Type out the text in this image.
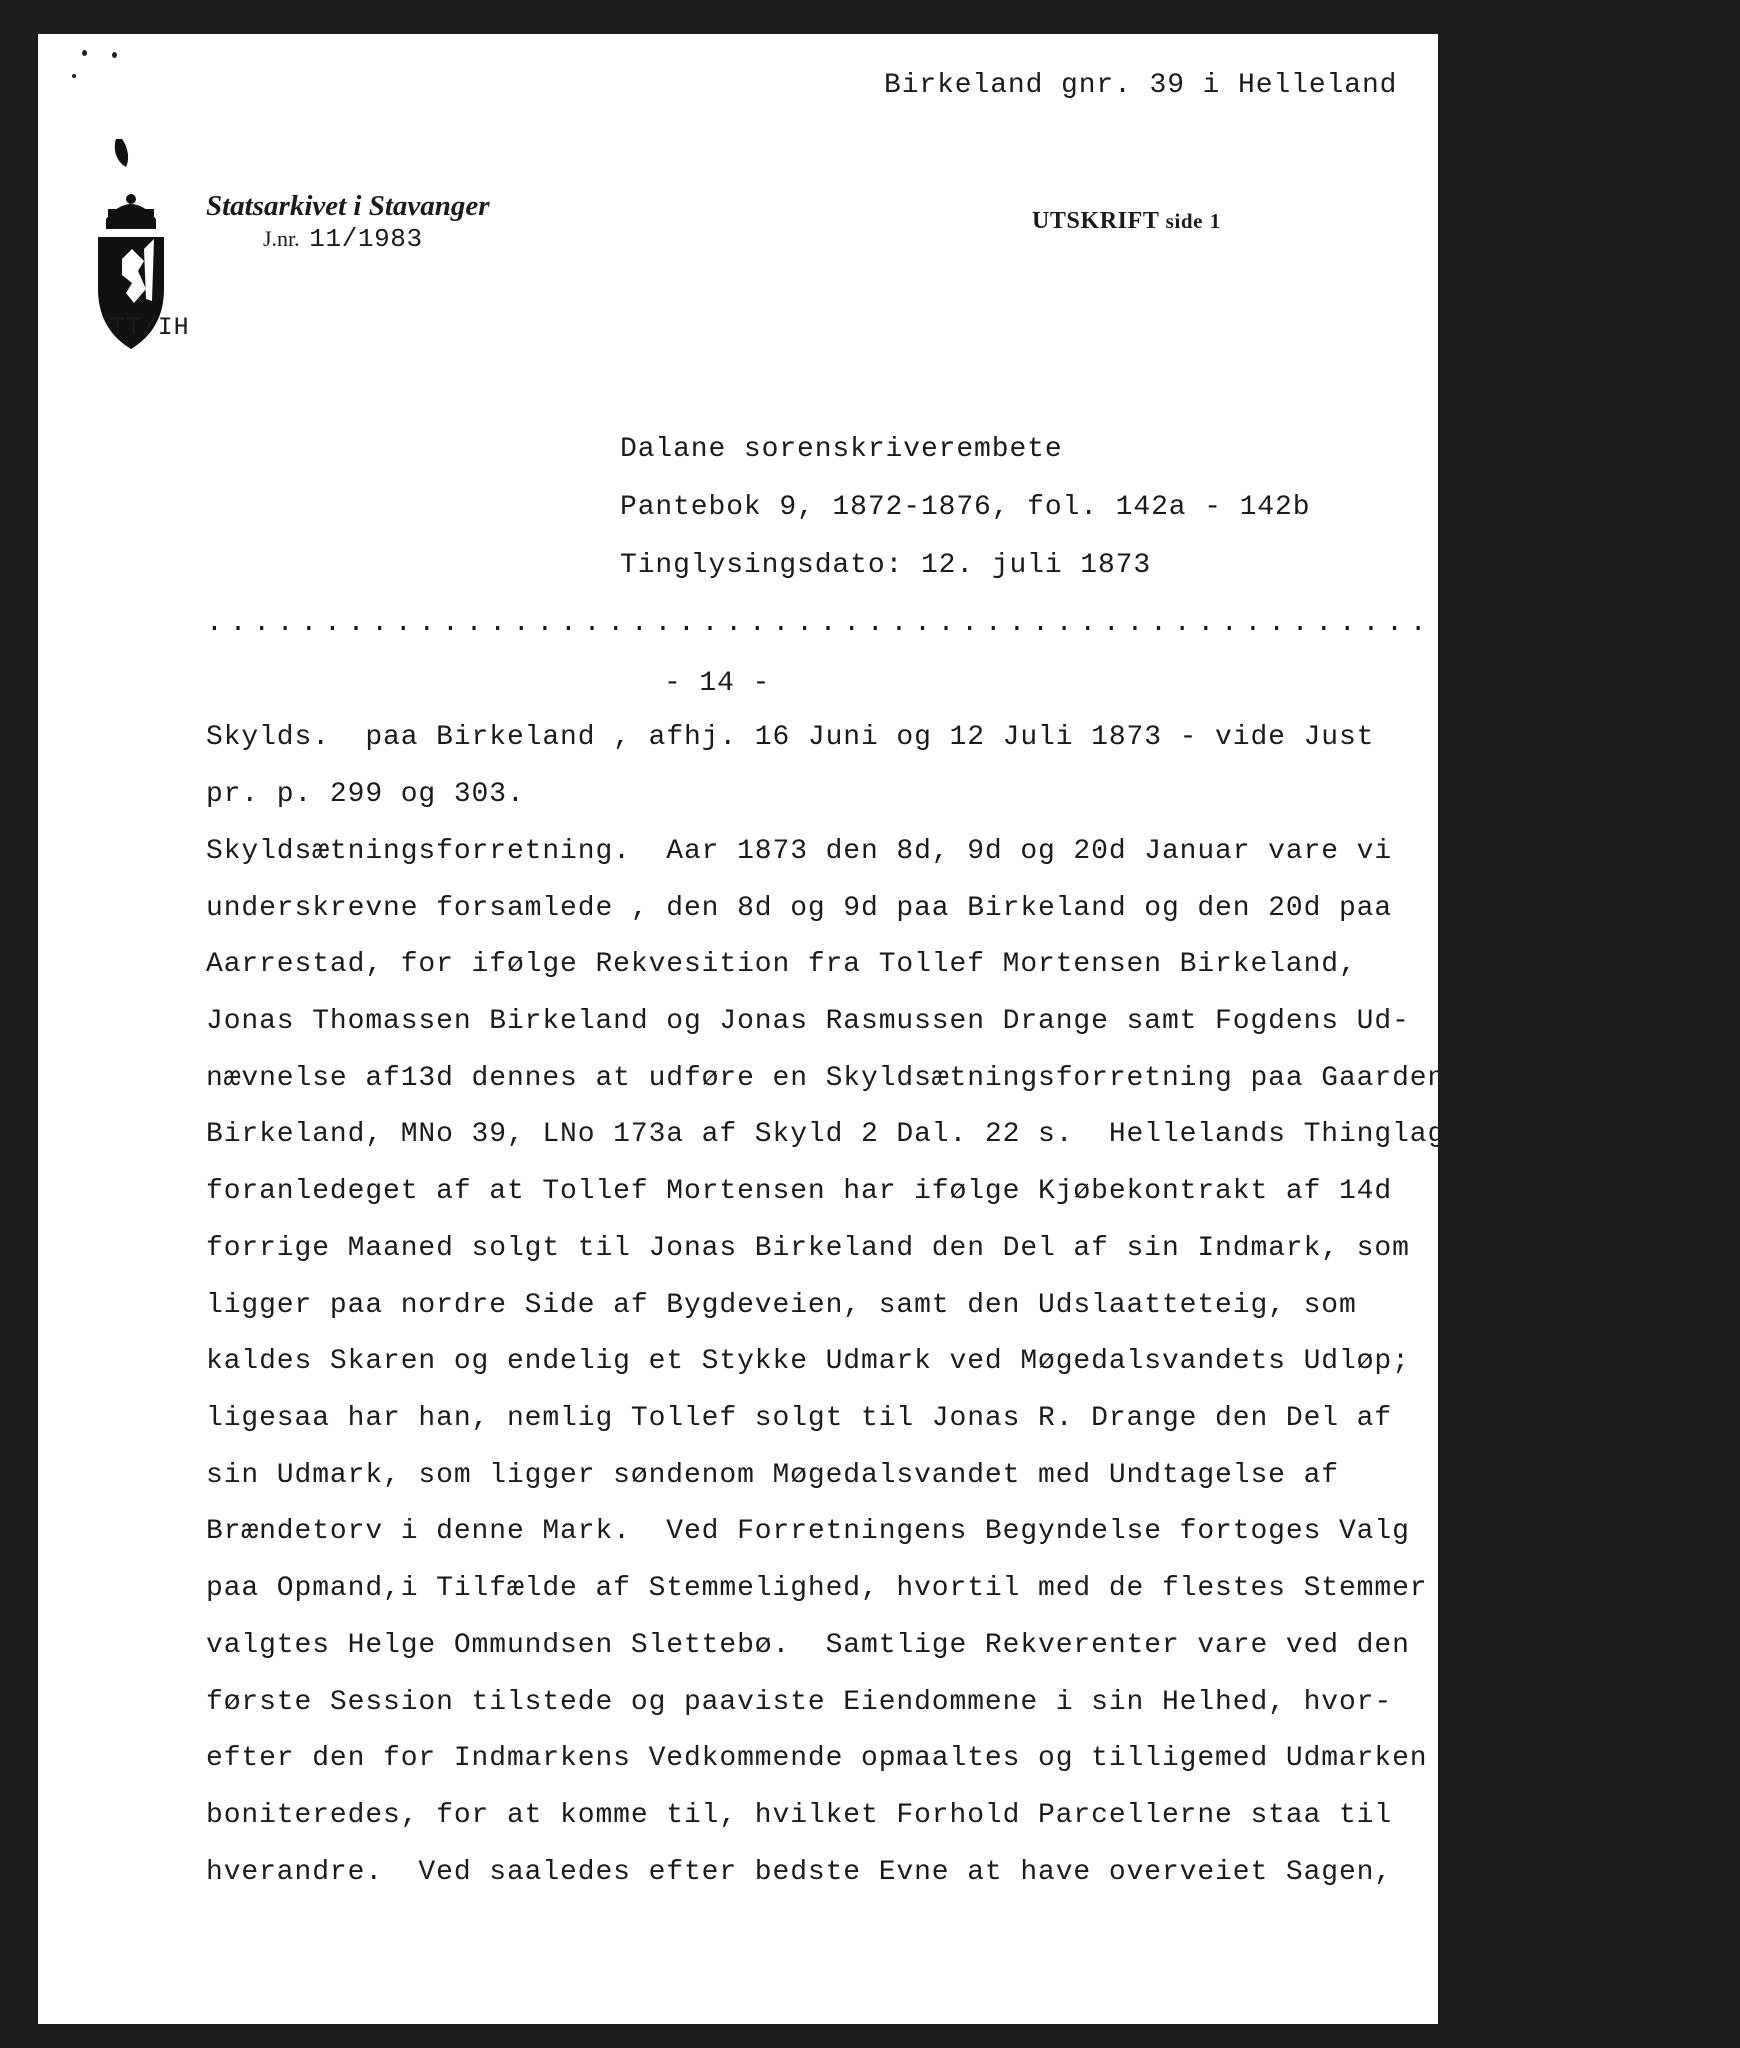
Birkeland gnr. 39 i Helleland

Statsarkivet i Stavanger

J.nr. 11/1983

UTSKRIFT side 1

TT/IH

Dalane sorenskriverembete

Pantebok 9, 1872-1876, fol. 142a - 142b

Tinglysingsdato: 12. juli 1873

.................................................................

- 14 -

Skylds.  paa Birkeland , afhj. 16 Juni og 12 Juli 1873 - vide Just

pr. p. 299 og 303.

Skyldsætningsforretning.  Aar 1873 den 8d, 9d og 20d Januar vare vi

underskrevne forsamlede , den 8d og 9d paa Birkeland og den 20d paa

Aarrestad, for ifølge Rekvesition fra Tollef Mortensen Birkeland,

Jonas Thomassen Birkeland og Jonas Rasmussen Drange samt Fogdens Ud-

nævnelse af13d dennes at udføre en Skyldsætningsforretning paa Gaarden

Birkeland, MNo 39, LNo 173a af Skyld 2 Dal. 22 s.  Hellelands Thinglag,

foranledeget af at Tollef Mortensen har ifølge Kjøbekontrakt af 14d

forrige Maaned solgt til Jonas Birkeland den Del af sin Indmark, som

ligger paa nordre Side af Bygdeveien, samt den Udslaatteteig, som

kaldes Skaren og endelig et Stykke Udmark ved Møgedalsvandets Udløp;

ligesaa har han, nemlig Tollef solgt til Jonas R. Drange den Del af

sin Udmark, som ligger søndenom Møgedalsvandet med Undtagelse af

Brændetorv i denne Mark.  Ved Forretningens Begyndelse fortoges Valg

paa Opmand,i Tilfælde af Stemmelighed, hvortil med de flestes Stemmer

valgtes Helge Ommundsen Slettebø.  Samtlige Rekverenter vare ved den

første Session tilstede og paaviste Eiendommene i sin Helhed, hvor-

efter den for Indmarkens Vedkommende opmaaltes og tilligemed Udmarken

boniteredes, for at komme til, hvilket Forhold Parcellerne staa til

hverandre.  Ved saaledes efter bedste Evne at have overveiet Sagen,
